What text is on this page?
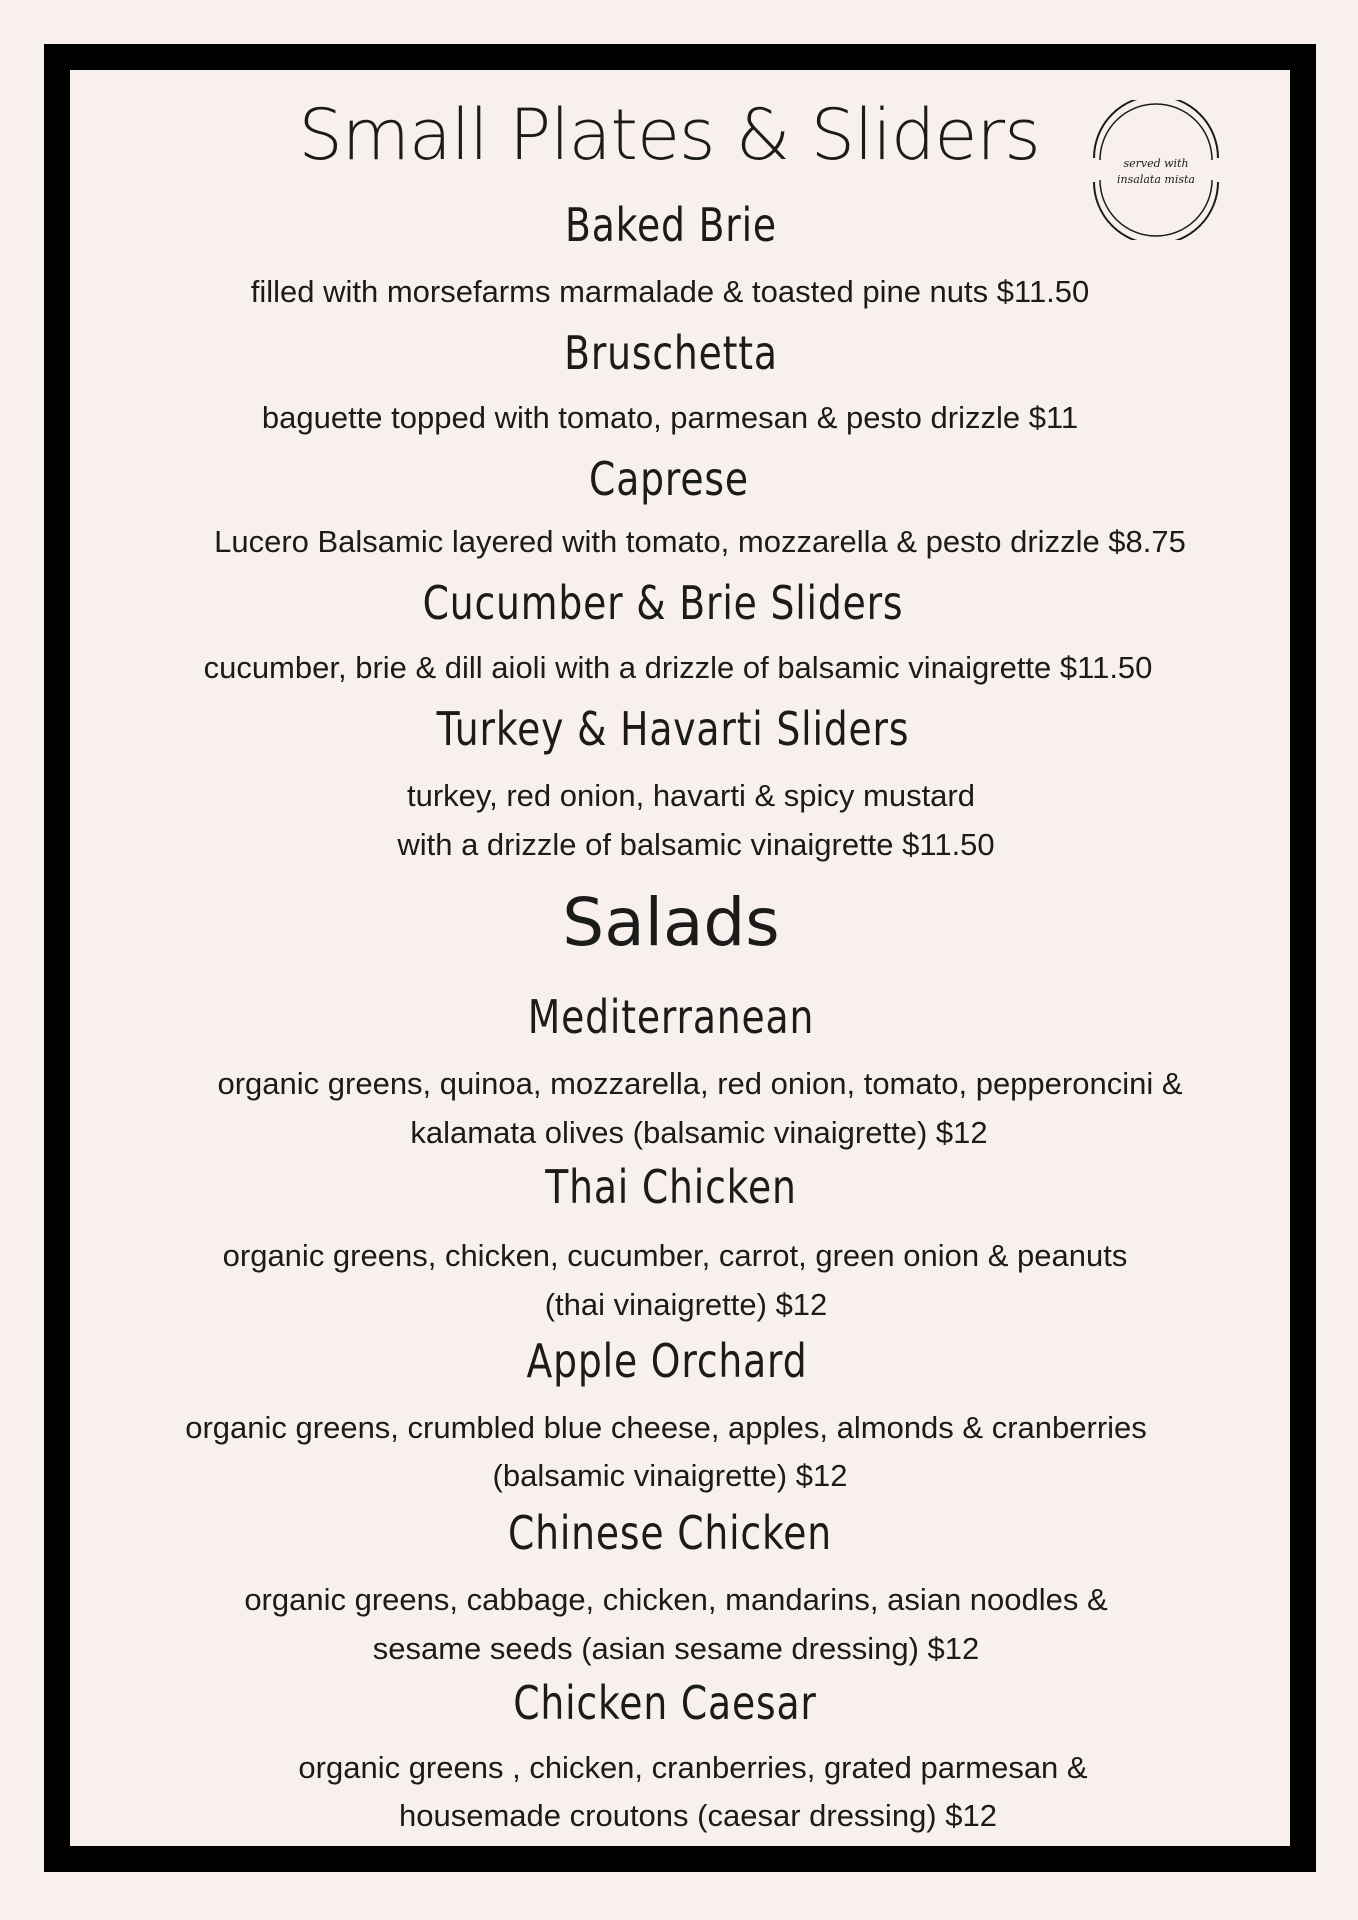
Small Plates & Sliders	served with
insalata mista
Baked Brie
filled with morsefarms marmalade & toasted pine nuts $11.50
Bruschetta
baguette topped with tomato, parmesan & pesto drizzle $11
Caprese
Lucero Balsamic layered with tomato, mozzarella & pesto drizzle $8.75
Cucumber & Brie Sliders
cucumber, brie & dill aioli with a drizzle of balsamic vinaigrette $11.50
Turkey & Havarti Sliders
turkey, red onion, havarti & spicy mustard
with a drizzle of balsamic vinaigrette $11.50
Salads
Mediterranean
organic greens, quinoa, mozzarella, red onion, tomato, pepperoncini &
kalamata olives (balsamic vinaigrette) $12
Thai Chicken
organic greens, chicken, cucumber, carrot, green onion & peanuts
(thai vinaigrette) $12
Apple Orchard
organic greens, crumbled blue cheese, apples, almonds & cranberries
(balsamic vinaigrette) $12
Chinese Chicken
organic greens, cabbage, chicken, mandarins, asian noodles &
sesame seeds (asian sesame dressing) $12
Chicken Caesar
organic greens , chicken, cranberries, grated parmesan &
housemade croutons (caesar dressing) $12
